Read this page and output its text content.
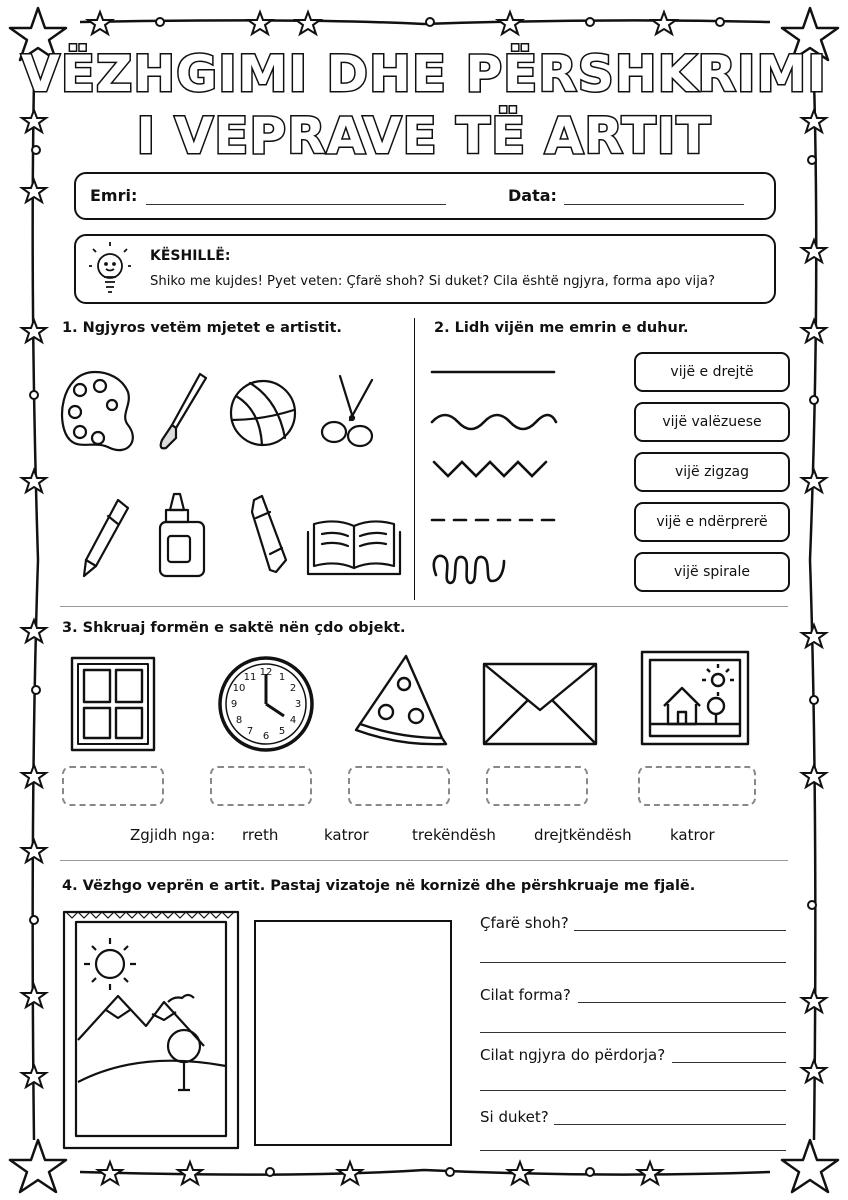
VËZHGIMI DHE PËRSHKRIMI
I VEPRAVE TË ARTIT
Emri:	Data:
KËSHILLË:
Shiko me kujdes! Pyet veten: Çfarë shoh? Si duket? Cila është ngjyra, forma apo vija?
1. Ngjyros vetëm mjetet e artistit.	2. Lidh vijën me emrin e duhur.
vijë e drejtë
vijë valëzuese
vijë zigzag
vijë e ndërprerë
vijë spirale
3. Shkruaj formën e saktë nën çdo objekt.
12 1
2
3
4
5
6
7
8
9
10
11
Zgjidh nga: rreth	katror	trekëndësh	drejtkëndësh	katror
4. Vëzhgo veprën e artit. Pastaj vizatoje në kornizë dhe përshkruaje me fjalë.
Çfarë shoh?
Cilat forma?
Cilat ngjyra do përdorja?
Si duket?
